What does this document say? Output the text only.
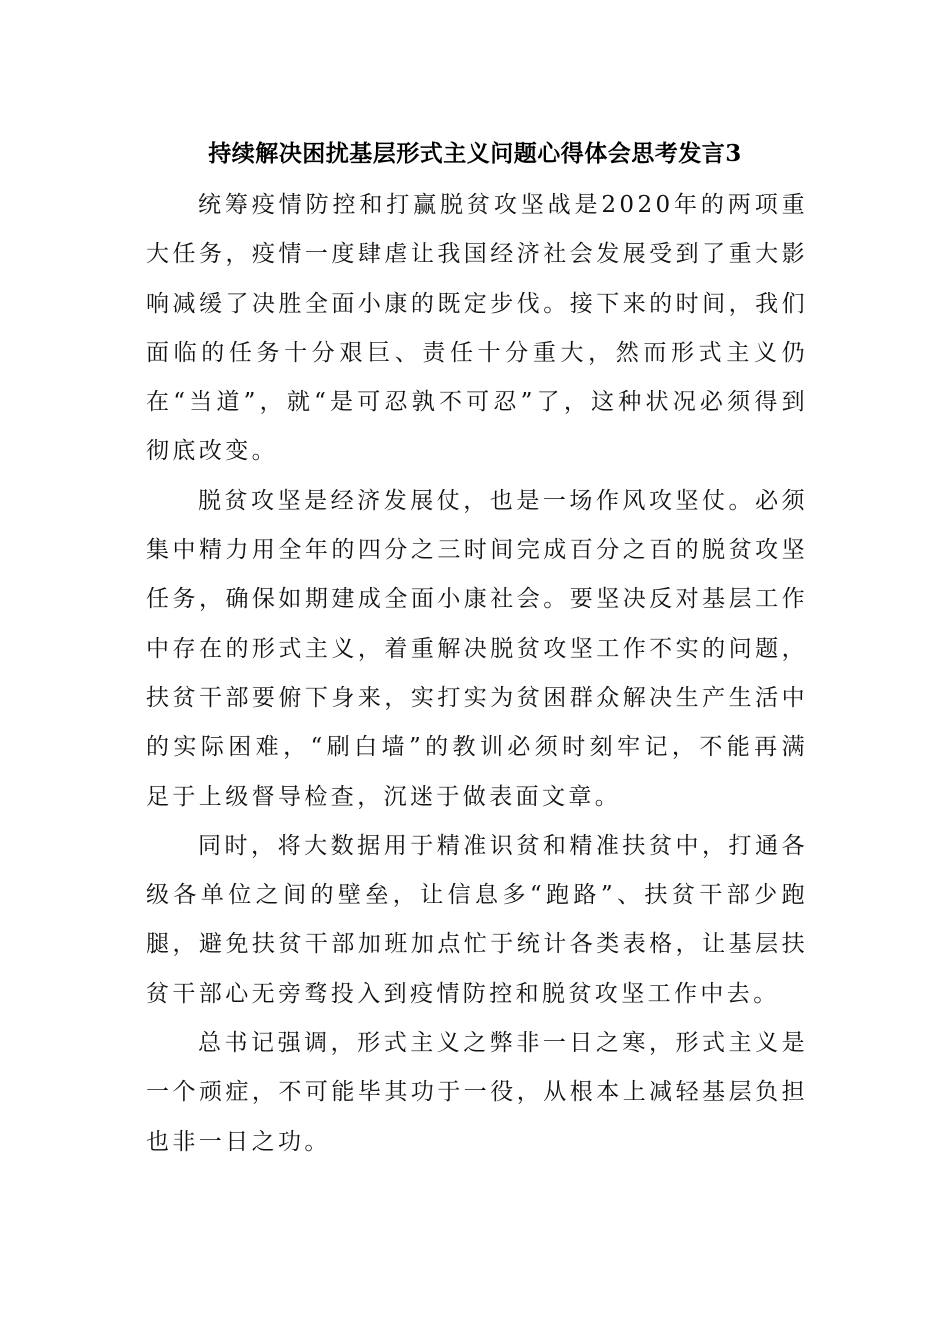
持续解决困扰基层形式主义问题心得体会思考发言3

统筹疫情防控和打赢脱贫攻坚战是2020年的两项重大任务，疫情一度肆虐让我国经济社会发展受到了重大影响减缓了决胜全面小康的既定步伐。接下来的时间，我们面临的任务十分艰巨、责任十分重大，然而形式主义仍在“当道”，就“是可忍孰不可忍”了，这种状况必须得到彻底改变。

脱贫攻坚是经济发展仗，也是一场作风攻坚仗。必须集中精力用全年的四分之三时间完成百分之百的脱贫攻坚任务，确保如期建成全面小康社会。要坚决反对基层工作中存在的形式主义，着重解决脱贫攻坚工作不实的问题，扶贫干部要俯下身来，实打实为贫困群众解决生产生活中的实际困难，“刷白墙”的教训必须时刻牢记，不能再满足于上级督导检查，沉迷于做表面文章。

同时，将大数据用于精准识贫和精准扶贫中，打通各级各单位之间的壁垒，让信息多“跑路”、扶贫干部少跑腿，避免扶贫干部加班加点忙于统计各类表格，让基层扶贫干部心无旁骛投入到疫情防控和脱贫攻坚工作中去。

总书记强调，形式主义之弊非一日之寒，形式主义是一个顽症，不可能毕其功于一役，从根本上减轻基层负担也非一日之功。
